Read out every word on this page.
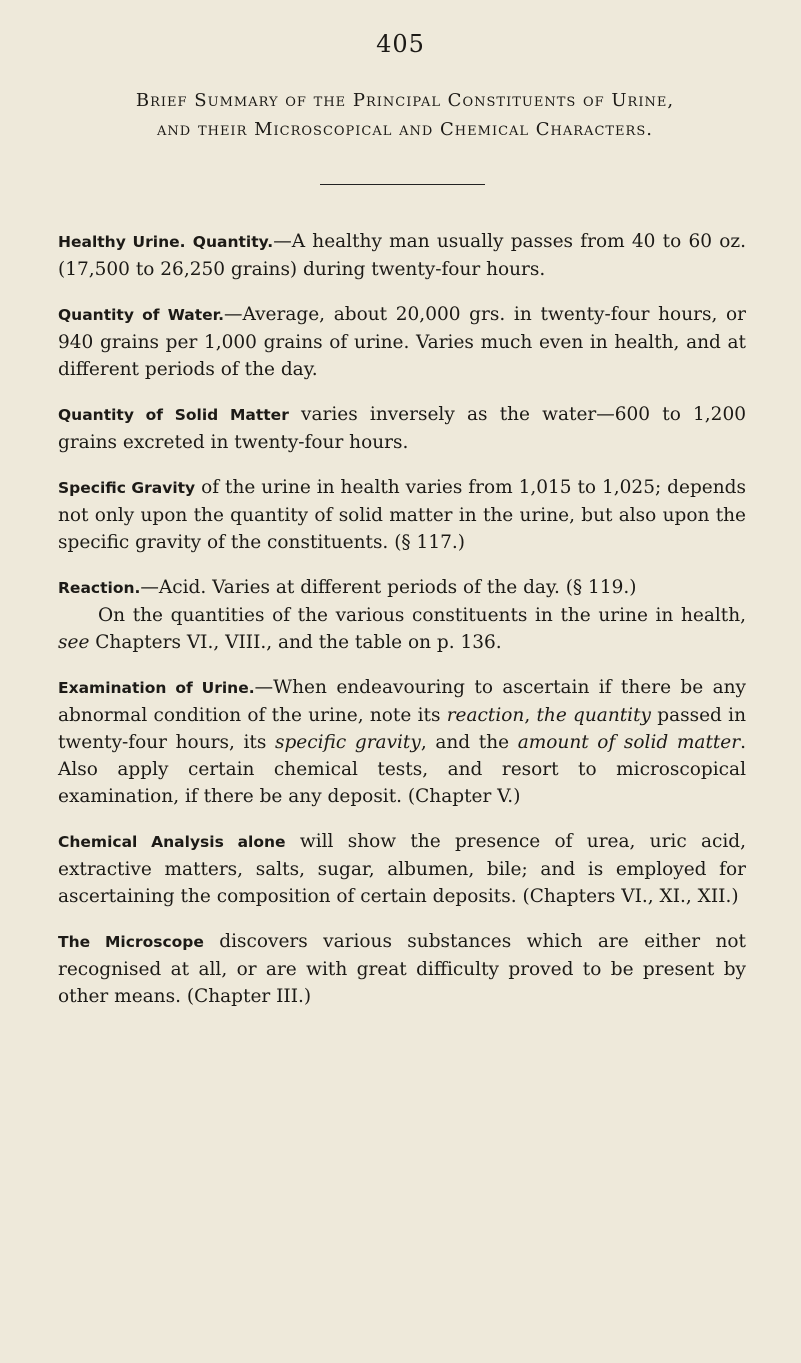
405
Brief Summary of the Principal Constituents of Urine,
and their Microscopical and Chemical Characters.

Healthy Urine. Quantity.—A healthy man usually passes from 40 to 60 oz. (17,500 to 26,250 grains) during twenty-four hours.

Quantity of Water.—Average, about 20,000 grs. in twenty-four hours, or 940 grains per 1,000 grains of urine. Varies much even in health, and at different periods of the day.

Quantity of Solid Matter varies inversely as the water—600 to 1,200 grains excreted in twenty-four hours.

Specific Gravity of the urine in health varies from 1,015 to 1,025; depends not only upon the quantity of solid matter in the urine, but also upon the specific gravity of the constituents. (§ 117.)

Reaction.—Acid. Varies at different periods of the day. (§ 119.)

On the quantities of the various constituents in the urine in health, see Chapters VI., VIII., and the table on p. 136.

Examination of Urine.—When endeavouring to ascertain if there be any abnormal condition of the urine, note its reaction, the quantity passed in twenty-four hours, its specific gravity, and the amount of solid matter. Also apply certain chemical tests, and resort to microscopical examination, if there be any deposit. (Chapter V.)

Chemical Analysis alone will show the presence of urea, uric acid, extractive matters, salts, sugar, albumen, bile; and is employed for ascertaining the composition of certain deposits. (Chapters VI., XI., XII.)

The Microscope discovers various substances which are either not recognised at all, or are with great difficulty proved to be present by other means. (Chapter III.)
